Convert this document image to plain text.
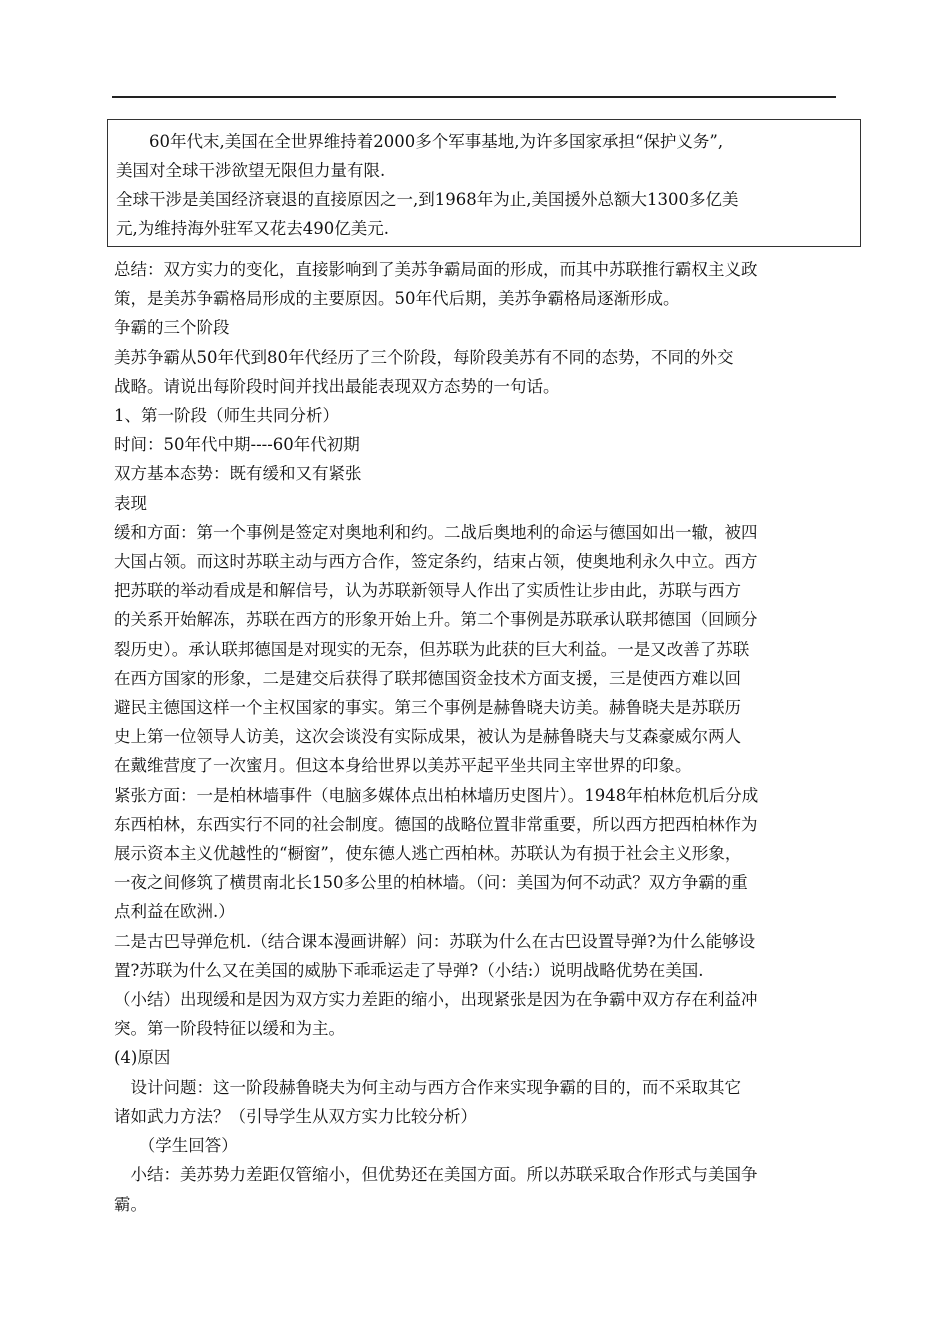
　　60年代末,美国在全世界维持着2000多个军事基地,为许多国家承担“保护义务”,

美国对全球干涉欲望无限但力量有限.

全球干涉是美国经济衰退的直接原因之一,到1968年为止,美国援外总额大1300多亿美

元,为维持海外驻军又花去490亿美元.

总结：双方实力的变化，直接影响到了美苏争霸局面的形成，而其中苏联推行霸权主义政

策，是美苏争霸格局形成的主要原因。50年代后期，美苏争霸格局逐渐形成。

争霸的三个阶段

美苏争霸从50年代到80年代经历了三个阶段，每阶段美苏有不同的态势，不同的外交

战略。请说出每阶段时间并找出最能表现双方态势的一句话。

1、第一阶段（师生共同分析）

时间：50年代中期----60年代初期

双方基本态势：既有缓和又有紧张

表现

缓和方面：第一个事例是签定对奥地利和约。二战后奥地利的命运与德国如出一辙，被四

大国占领。而这时苏联主动与西方合作，签定条约，结束占领，使奥地利永久中立。西方

把苏联的举动看成是和解信号，认为苏联新领导人作出了实质性让步由此，苏联与西方

的关系开始解冻，苏联在西方的形象开始上升。第二个事例是苏联承认联邦德国（回顾分

裂历史）。承认联邦德国是对现实的无奈，但苏联为此获的巨大利益。一是又改善了苏联

在西方国家的形象，二是建交后获得了联邦德国资金技术方面支援，三是使西方难以回

避民主德国这样一个主权国家的事实。第三个事例是赫鲁晓夫访美。赫鲁晓夫是苏联历

史上第一位领导人访美，这次会谈没有实际成果，被认为是赫鲁晓夫与艾森豪威尔两人

在戴维营度了一次蜜月。但这本身给世界以美苏平起平坐共同主宰世界的印象。

紧张方面：一是柏林墙事件（电脑多媒体点出柏林墙历史图片）。1948年柏林危机后分成

东西柏林，东西实行不同的社会制度。德国的战略位置非常重要，所以西方把西柏林作为

展示资本主义优越性的“橱窗”，使东德人逃亡西柏林。苏联认为有损于社会主义形象，

一夜之间修筑了横贯南北长150多公里的柏林墙。（问：美国为何不动武？双方争霸的重

点利益在欧洲.）

二是古巴导弹危机.（结合课本漫画讲解）问：苏联为什么在古巴设置导弹?为什么能够设

置?苏联为什么又在美国的威胁下乖乖运走了导弹?（小结:）说明战略优势在美国.

（小结）出现缓和是因为双方实力差距的缩小，出现紧张是因为在争霸中双方存在利益冲

突。第一阶段特征以缓和为主。

(4)原因

　设计问题：这一阶段赫鲁晓夫为何主动与西方合作来实现争霸的目的，而不采取其它

诸如武力方法？（引导学生从双方实力比较分析）

　　（学生回答）

　小结：美苏势力差距仅管缩小，但优势还在美国方面。所以苏联采取合作形式与美国争

霸。
